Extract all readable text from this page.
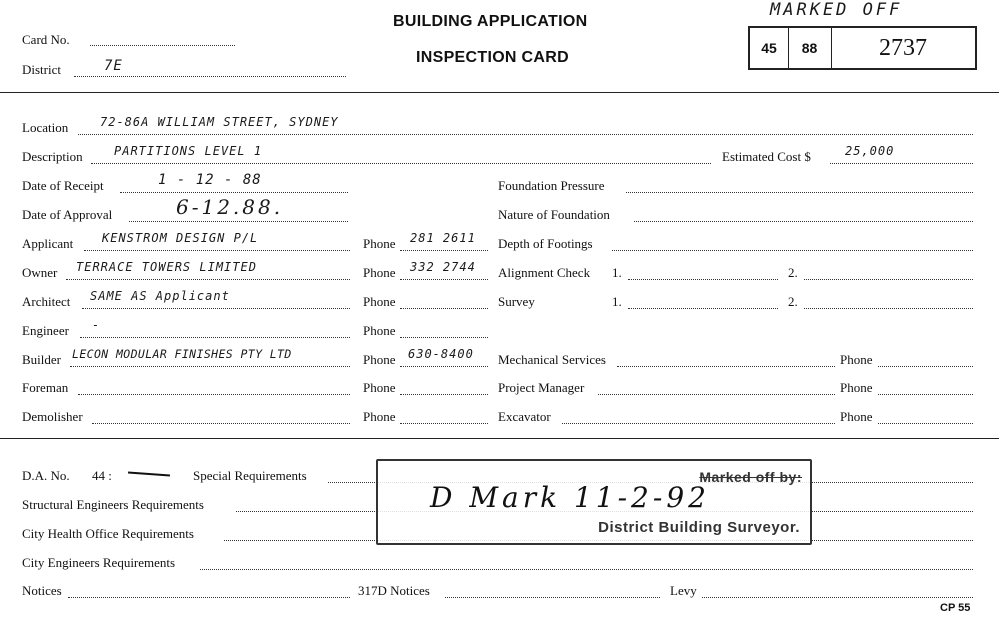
Card No.
District	7E
BUILDING APPLICATION
INSPECTION CARD
MARKED OFF
45	88	2737
Location	72-86A WILLIAM STREET, SYDNEY
Description	PARTITIONS LEVEL 1	Estimated Cost $	25,000
Date of Receipt	1 - 12 - 88
Date of Approval	6-12.88.
Applicant KENSTROM DESIGN P/L	Phone 281 2611
Owner TERRACE TOWERS LIMITED	Phone 332 2744
Architect SAME AS Applicant	Phone
Engineer -	Phone
Builder LECON MODULAR FINISHES PTY LTD	Phone 630-8400
Foreman	Phone
Demolisher	Phone
Foundation Pressure
Nature of Foundation
Depth of Footings
Alignment Check 1.	2.
Survey	1.	2.
Mechanical Services	Phone
Project Manager	Phone
Excavator	Phone
D.A. No. 44 :	Special Requirements
Structural Engineers Requirements
City Health Office Requirements
City Engineers Requirements
Notices	317D Notices	Levy
CP 55
Marked off by:
D Mark 11-2-92
District Building Surveyor.
